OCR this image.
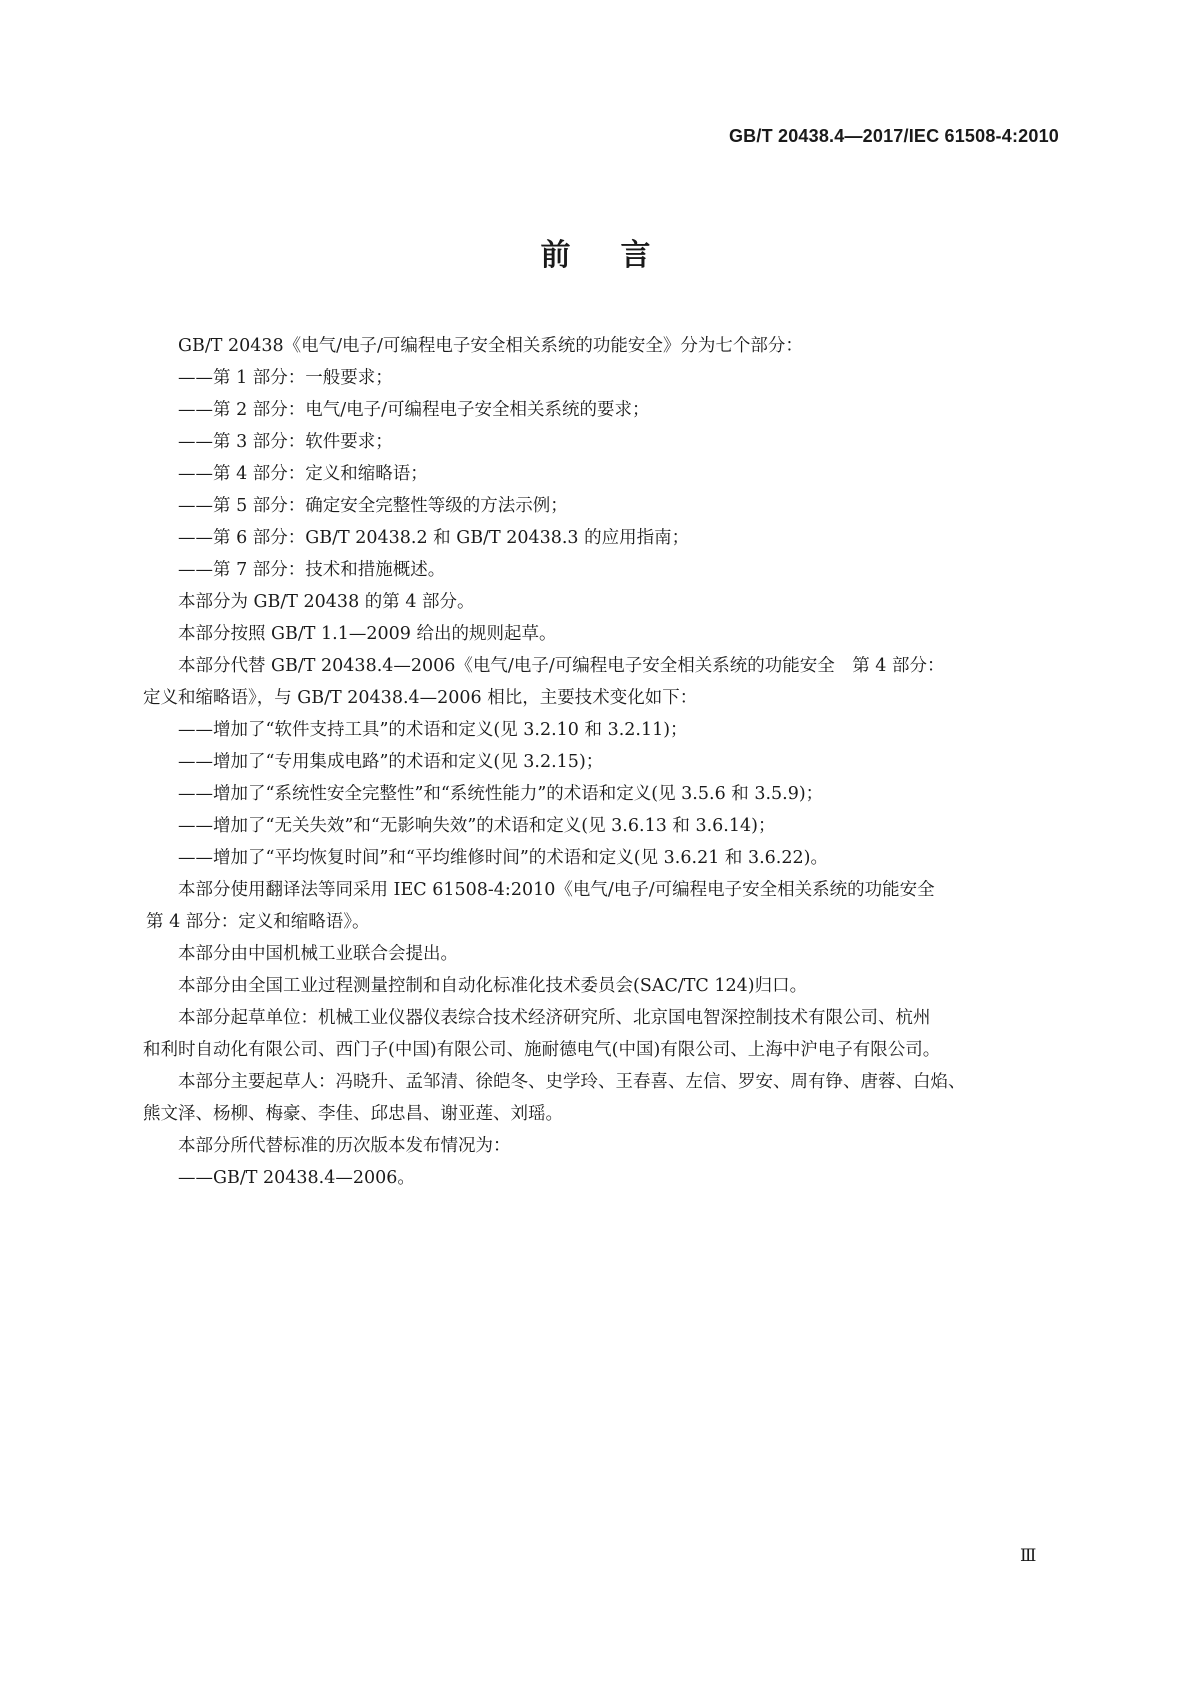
GB/T 20438.4—2017/IEC 61508-4:2010
前言
GB/T 20438《电气/电子/可编程电子安全相关系统的功能安全》分为七个部分：
——第 1 部分：一般要求；
——第 2 部分：电气/电子/可编程电子安全相关系统的要求；
——第 3 部分：软件要求；
——第 4 部分：定义和缩略语；
——第 5 部分：确定安全完整性等级的方法示例；
——第 6 部分：GB/T 20438.2 和 GB/T 20438.3 的应用指南；
——第 7 部分：技术和措施概述。
本部分为 GB/T 20438 的第 4 部分。
本部分按照 GB/T 1.1—2009 给出的规则起草。
本部分代替 GB/T 20438.4—2006《电气/电子/可编程电子安全相关系统的功能安全　第 4 部分：
定义和缩略语》，与 GB/T 20438.4—2006 相比，主要技术变化如下：
——增加了“软件支持工具”的术语和定义(见 3.2.10 和 3.2.11)；
——增加了“专用集成电路”的术语和定义(见 3.2.15)；
——增加了“系统性安全完整性”和“系统性能力”的术语和定义(见 3.5.6 和 3.5.9)；
——增加了“无关失效”和“无影响失效”的术语和定义(见 3.6.13 和 3.6.14)；
——增加了“平均恢复时间”和“平均维修时间”的术语和定义(见 3.6.21 和 3.6.22)。
本部分使用翻译法等同采用 IEC 61508-4:2010《电气/电子/可编程电子安全相关系统的功能安全
第 4 部分：定义和缩略语》。
本部分由中国机械工业联合会提出。
本部分由全国工业过程测量控制和自动化标准化技术委员会(SAC/TC 124)归口。
本部分起草单位：机械工业仪器仪表综合技术经济研究所、北京国电智深控制技术有限公司、杭州
和利时自动化有限公司、西门子(中国)有限公司、施耐德电气(中国)有限公司、上海中沪电子有限公司。
本部分主要起草人：冯晓升、孟邹清、徐皑冬、史学玲、王春喜、左信、罗安、周有铮、唐蓉、白焰、
熊文泽、杨柳、梅豪、李佳、邱忠昌、谢亚莲、刘瑶。
本部分所代替标准的历次版本发布情况为：
——GB/T 20438.4—2006。
Ⅲ
